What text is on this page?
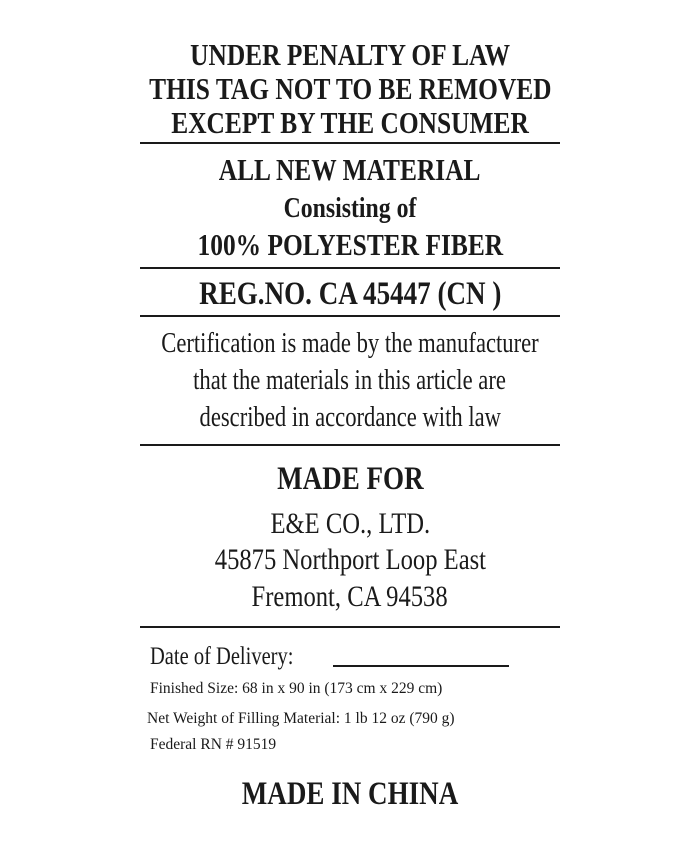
UNDER PENALTY OF LAW
THIS TAG NOT TO BE REMOVED
EXCEPT BY THE CONSUMER
ALL NEW MATERIAL
Consisting of
100% POLYESTER FIBER
REG.NO. CA 45447 (CN )
Certification is made by the manufacturer
that the materials in this article are
described in accordance with law
MADE FOR
E&E CO., LTD.
45875 Northport Loop East
Fremont, CA 94538
Date of Delivery:
Finished Size: 68 in x 90 in (173 cm x 229 cm)
Net Weight of Filling Material: 1 lb 12 oz (790 g)
Federal RN # 91519
MADE IN CHINA
